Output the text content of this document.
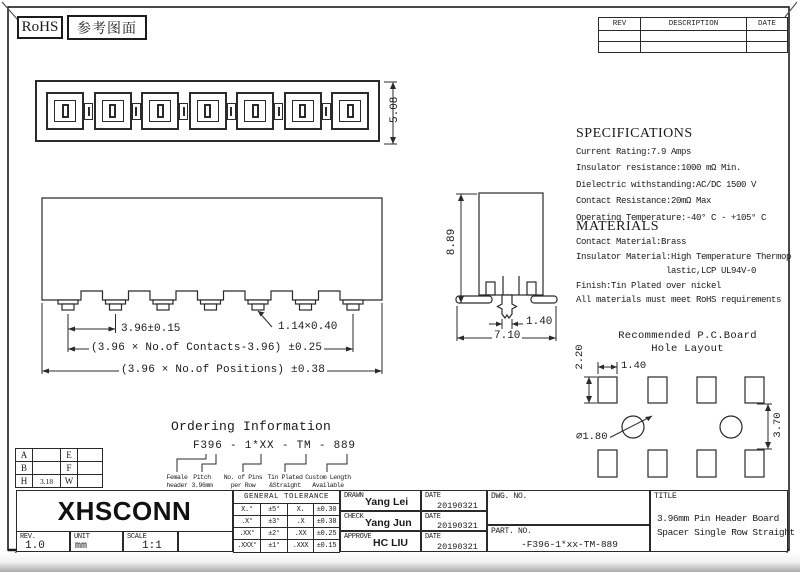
RoHS	参考图面	REV	DESCRIPTION	DATE
5.08
3.96±0.15	1.14×0.40
(3.96 × No.of Contacts-3.96) ±0.25
(3.96 × No.of Positions) ±0.38
8.89
1.40
7.10
SPECIFICATIONS
Current Rating:7.9 Amps
Insulator resistance:1000 mΩ Min.
Dielectric withstanding:AC/DC 1500 V
Contact Resistance:20mΩ Max
Operating Temperature:-40° C - +105° C
MATERIALS
Contact Material:Brass
Insulator Material:High Temperature Thermop
lastic,LCP UL94V-0
Finish:Tin Plated over nickel
All materials must meet RoHS requirements
Recommended P.C.Board
Hole Layout
2.20	1.40
⌀1.80	3.70
Ordering Information
F396 - 1*XX - TM - 889
Female
header
Pitch
3.96mm
No. of Pins
per Row
Tin Plated
&Straight
Custom Length
Available
A	E
B	F
H	3.18	W
XHSCONN
REV.
1.0
UNIT
mm
SCALE
1:1
GENERAL TOLERANCE
X.°	±5°	X.	±0.30
.X°	±3°	.X	±0.38
.XX°	±2°	.XX	±0.25
.XXX°	±1°	.XXX	±0.15
DRAWN Yang Lei DATE
20190321
CHECK Yang Jun DATE
20190321
APPROVE HC LIU DATE
20190321
DWG. NO.
PART. NO.
-F396-1*xx-TM-889
TITLE
3.96mm Pin Header Board
Spacer Single Row Straight
